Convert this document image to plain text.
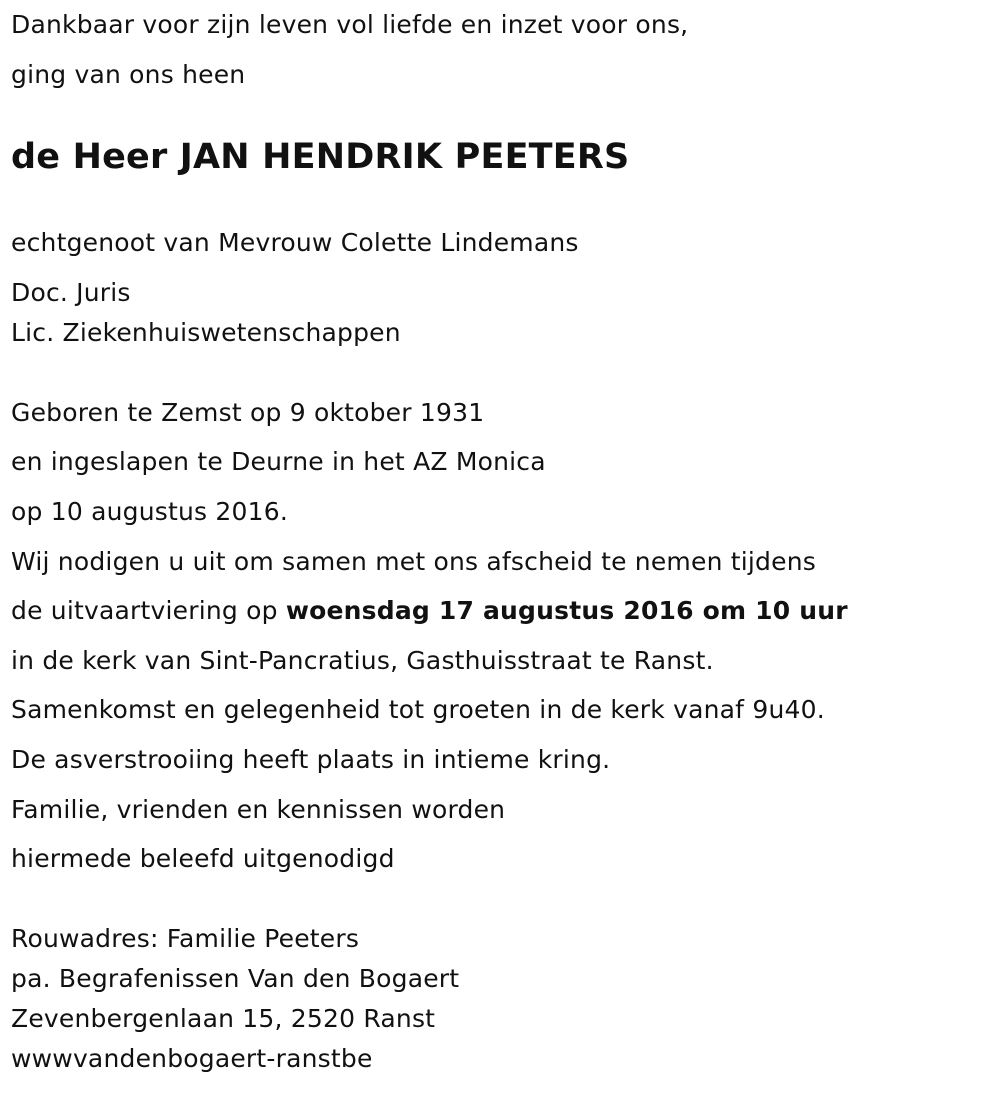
Dankbaar voor zijn leven vol liefde en inzet voor ons,
ging van ons heen
de Heer JAN HENDRIK PEETERS
echtgenoot van Mevrouw Colette Lindemans
Doc. Juris
Lic. Ziekenhuiswetenschappen
Geboren te Zemst op 9 oktober 1931
en ingeslapen te Deurne in het AZ Monica
op 10 augustus 2016.
Wij nodigen u uit om samen met ons afscheid te nemen tijdens
de uitvaartviering op woensdag 17 augustus 2016 om 10 uur
in de kerk van Sint-Pancratius, Gasthuisstraat te Ranst.
Samenkomst en gelegenheid tot groeten in de kerk vanaf 9u40.
De asverstrooiing heeft plaats in intieme kring.
Familie, vrienden en kennissen worden
hiermede beleefd uitgenodigd
Rouwadres: Familie Peeters
pa. Begrafenissen Van den Bogaert
Zevenbergenlaan 15, 2520 Ranst
wwwvandenbogaert-ranstbe
